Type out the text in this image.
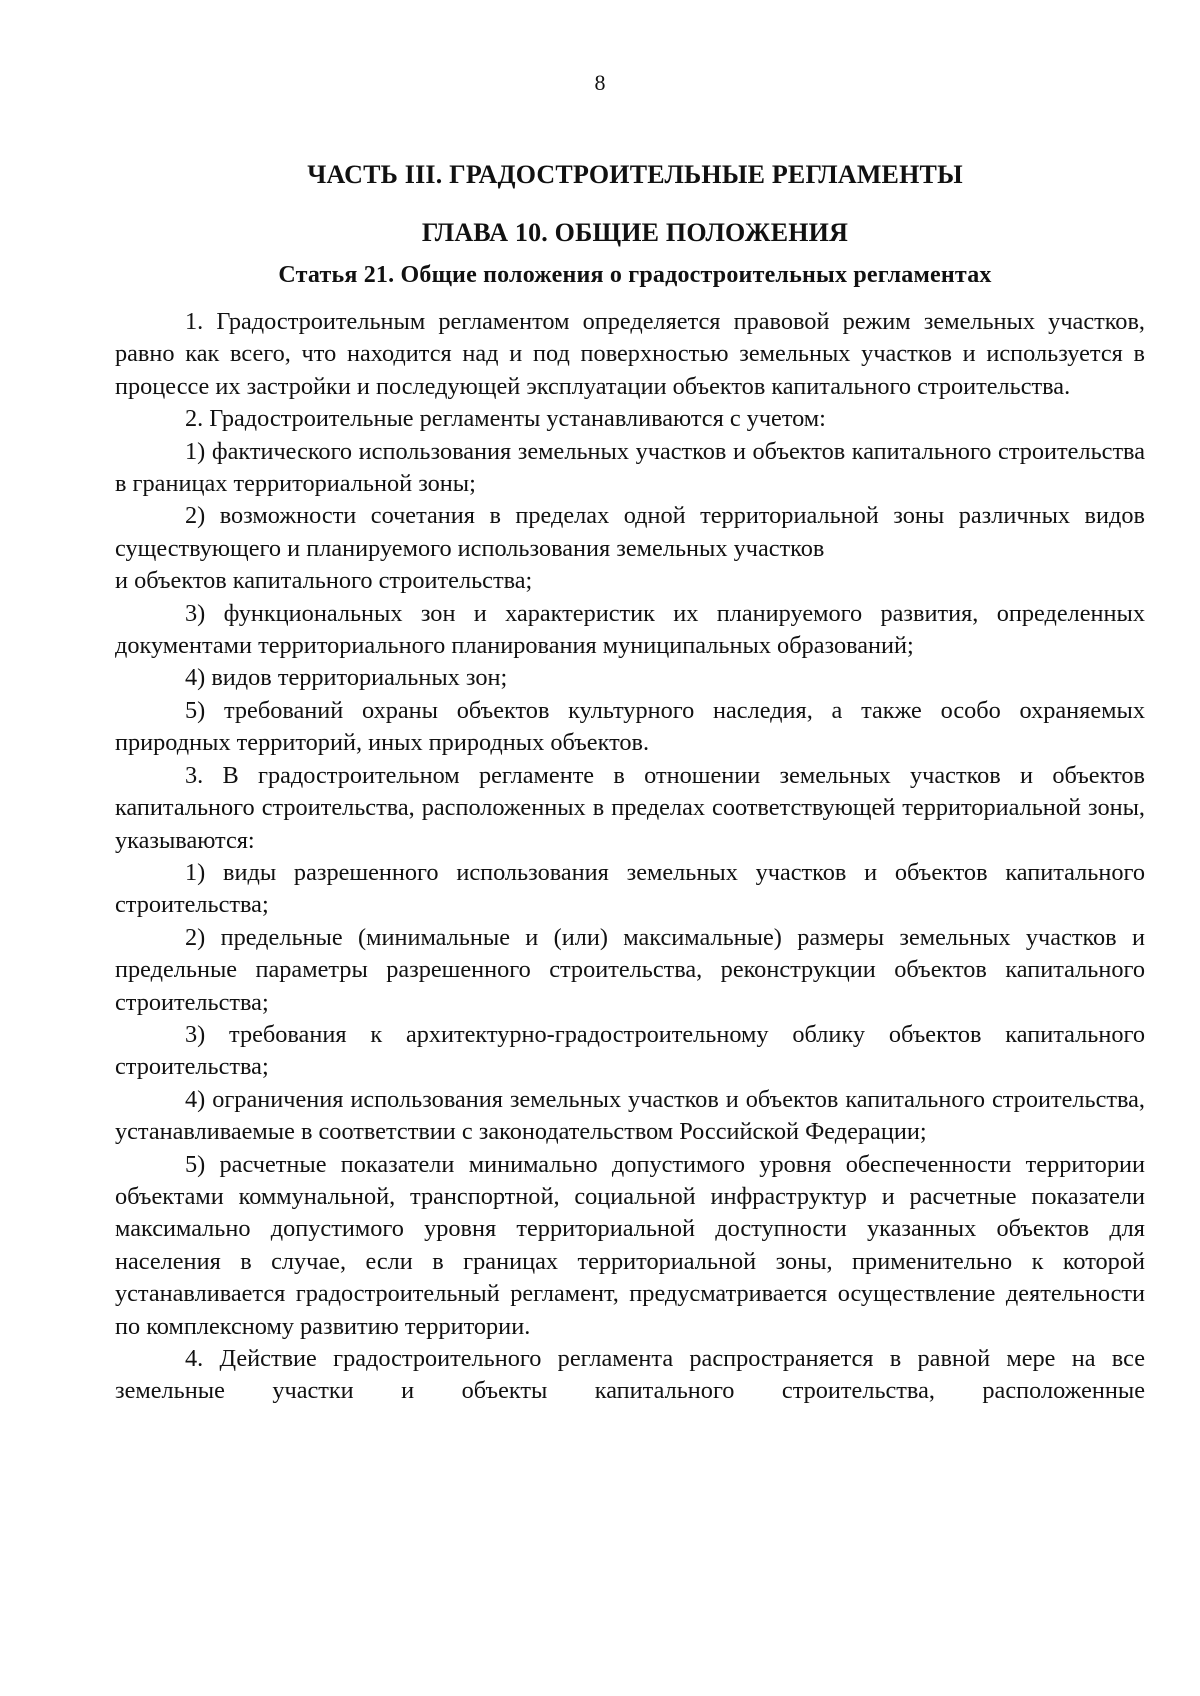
8
ЧАСТЬ III. ГРАДОСТРОИТЕЛЬНЫЕ РЕГЛАМЕНТЫ
ГЛАВА 10. ОБЩИЕ ПОЛОЖЕНИЯ
Статья 21. Общие положения о градостроительных регламентах

1. Градостроительным регламентом определяется правовой режим земельных участков, равно как всего, что находится над и под поверхностью земельных участков и используется в процессе их застройки и последующей эксплуатации объектов капитального строительства.

2. Градостроительные регламенты устанавливаются с учетом:

1) фактического использования земельных участков и объектов капитального строительства в границах территориальной зоны;

2) возможности сочетания в пределах одной территориальной зоны различных видов существующего и планируемого использования земельных участков

и объектов капитального строительства;

3) функциональных зон и характеристик их планируемого развития, определенных документами территориального планирования муниципальных образований;

4) видов территориальных зон;

5) требований охраны объектов культурного наследия, а также особо охраняемых природных территорий, иных природных объектов.

3. В градостроительном регламенте в отношении земельных участков и объектов капитального строительства, расположенных в пределах соответствующей территориальной зоны, указываются:

1) виды разрешенного использования земельных участков и объектов капитального строительства;

2) предельные (минимальные и (или) максимальные) размеры земельных участков и предельные параметры разрешенного строительства, реконструкции объектов капитального строительства;

3) требования к архитектурно-градостроительному облику объектов капитального строительства;

4) ограничения использования земельных участков и объектов капитального строительства, устанавливаемые в соответствии с законодательством Российской Федерации;

5) расчетные показатели минимально допустимого уровня обеспеченности территории объектами коммунальной, транспортной, социальной инфраструктур и расчетные показатели максимально допустимого уровня территориальной доступности указанных объектов для населения в случае, если в границах территориальной зоны, применительно к которой устанавливается градостроительный регламент, предусматривается осуществление деятельности по комплексному развитию территории.

4. Действие градостроительного регламента распространяется в равной мере на все земельные участки и объекты капитального строительства, расположенные
